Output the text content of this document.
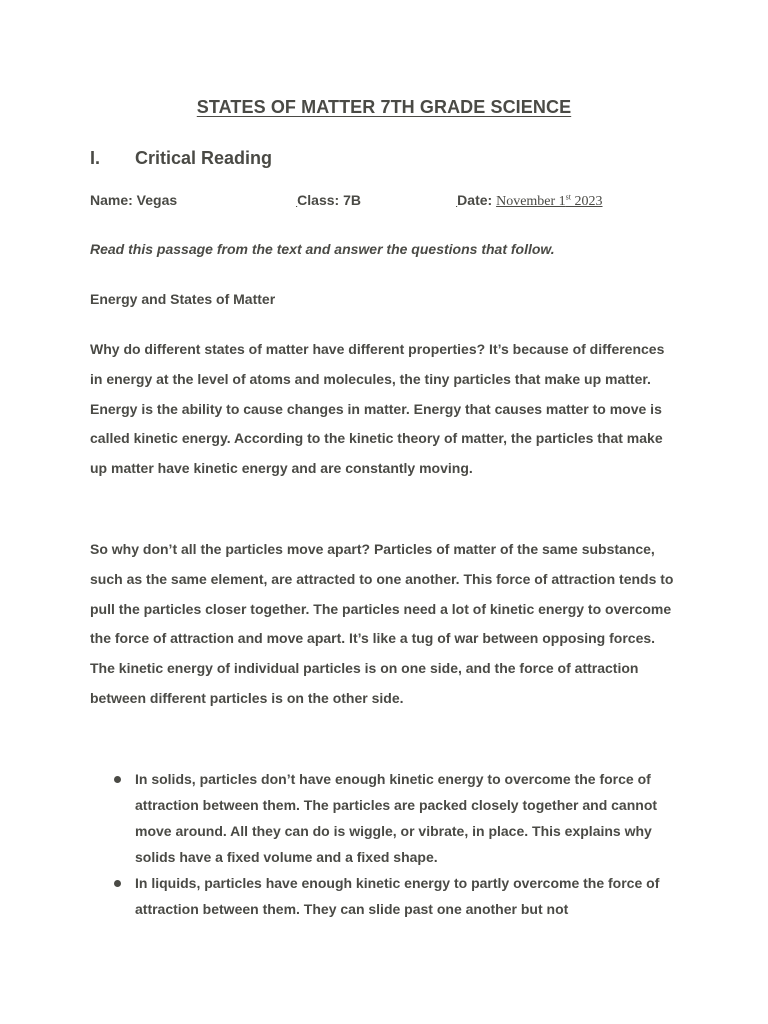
STATES OF MATTER 7TH GRADE SCIENCE
I.	Critical Reading
Name: Vegas
 	Class: 7B
 	Date: November 1st 2023
Read this passage from the text and answer the questions that follow.
Energy and States of Matter
Why do different states of matter have different properties? It’s because of differences in energy at the level of atoms and molecules, the tiny particles that make up matter. Energy is the ability to cause changes in matter. Energy that causes matter to move is called kinetic energy. According to the kinetic theory of matter, the particles that make up matter have kinetic energy and are constantly moving.
So why don’t all the particles move apart? Particles of matter of the same substance, such as the same element, are attracted to one another. This force of attraction tends to pull the particles closer together. The particles need a lot of kinetic energy to overcome the force of attraction and move apart. It’s like a tug of war between opposing forces. The kinetic energy of individual particles is on one side, and the force of attraction between different particles is on the other side.
In solids, particles don’t have enough kinetic energy to overcome the force of attraction between them. The particles are packed closely together and cannot move around. All they can do is wiggle, or vibrate, in place. This explains why solids have a fixed volume and a fixed shape.
In liquids, particles have enough kinetic energy to partly overcome the force of attraction between them. They can slide past one another but not
